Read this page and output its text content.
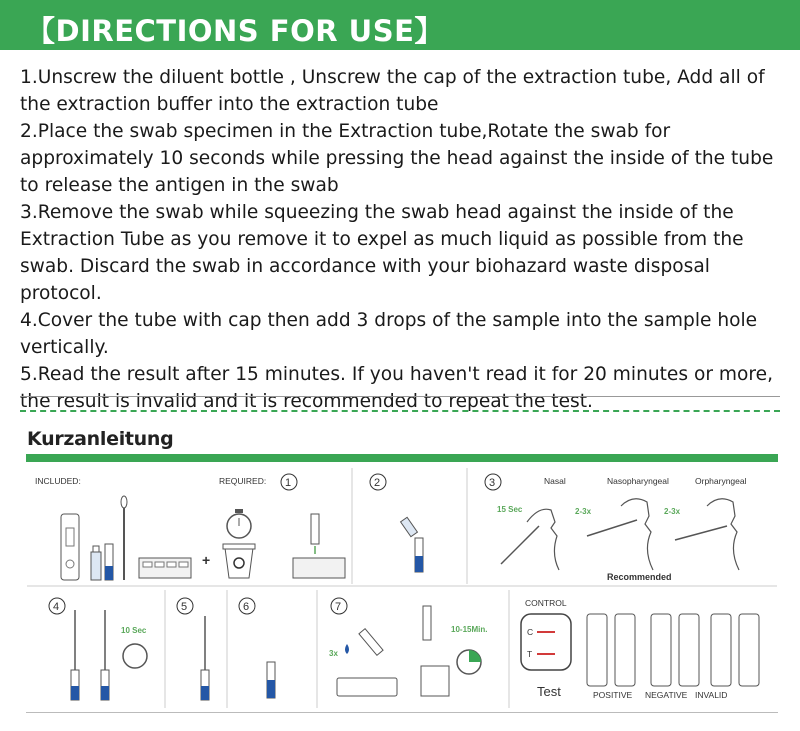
【DIRECTIONS FOR USE】

1.Unscrew the diluent bottle , Unscrew the cap of the extraction tube, Add all of the extraction buffer into the extraction tube

2.Place the swab specimen in the Extraction tube,Rotate the swab for approximately 10 seconds while pressing the head against the inside of the tube to release the antigen in the swab

3.Remove the swab while squeezing the swab head against the inside of the Extraction Tube as you remove it to expel as much liquid as possible from the swab. Discard the swab in accordance with your biohazard waste disposal protocol.

4.Cover the tube with cap then add 3 drops of the sample into the sample hole vertically.

5.Read the result after 15 minutes. If you haven't read it for 20 minutes or more, the result is invalid and it is recommended to repeat the test.

Kurzanleitung
INCLUDED:	REQUIRED: 1
+
2	3	Nasal	Nasopharyngeal	Orpharyngeal
15 Sec	2-3x	2-3x
Recommended
4
10 Sec
5	6	7
3x
10-15Min.
CONTROL
C
T
Test	POSITIVE NEGATIVE INVALID
